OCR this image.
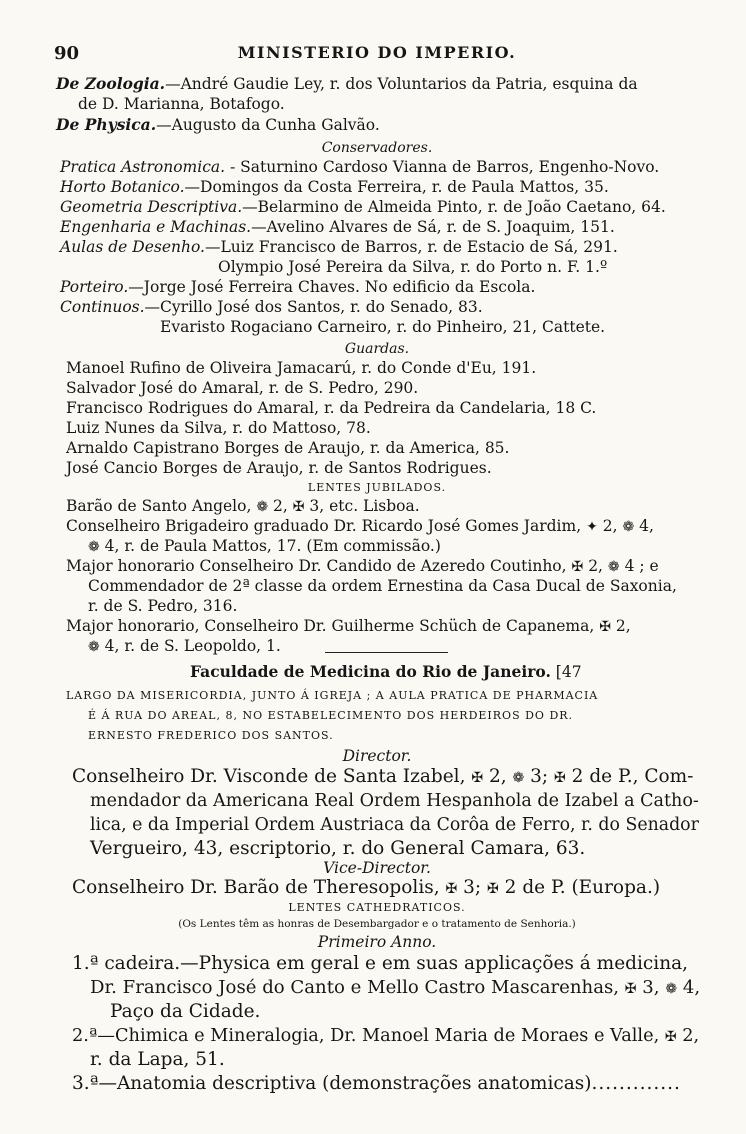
90	MINISTERIO DO IMPERIO.
De Zoologia.—André Gaudie Ley, r. dos Voluntarios da Patria, esquina da
de D. Marianna, Botafogo.
De Physica.—Augusto da Cunha Galvão.
Conservadores.
Pratica Astronomica. - Saturnino Cardoso Vianna de Barros, Engenho-Novo.
Horto Botanico.—Domingos da Costa Ferreira, r. de Paula Mattos, 35.
Geometria Descriptiva.—Belarmino de Almeida Pinto, r. de João Caetano, 64.
Engenharia e Machinas.—Avelino Alvares de Sá, r. de S. Joaquim, 151.
Aulas de Desenho.—Luiz Francisco de Barros, r. de Estacio de Sá, 291.
Olympio José Pereira da Silva, r. do Porto n. F. 1.º
Porteiro.—Jorge José Ferreira Chaves. No edificio da Escola.
Continuos.—Cyrillo José dos Santos, r. do Senado, 83.
Evaristo Rogaciano Carneiro, r. do Pinheiro, 21, Cattete.
Guardas.
Manoel Rufino de Oliveira Jamacarú, r. do Conde d'Eu, 191.
Salvador José do Amaral, r. de S. Pedro, 290.
Francisco Rodrigues do Amaral, r. da Pedreira da Candelaria, 18 C.
Luiz Nunes da Silva, r. do Mattoso, 78.
Arnaldo Capistrano Borges de Araujo, r. da America, 85.
José Cancio Borges de Araujo, r. de Santos Rodrigues.
LENTES JUBILADOS.
Barão de Santo Angelo, ❁ 2, ✠ 3, etc. Lisboa.
Conselheiro Brigadeiro graduado Dr. Ricardo José Gomes Jardim, ✦ 2, ❁ 4,
❁ 4, r. de Paula Mattos, 17. (Em commissão.)
Major honorario Conselheiro Dr. Candido de Azeredo Coutinho, ✠ 2, ❁ 4 ; e
Commendador de 2ª classe da ordem Ernestina da Casa Ducal de Saxonia,
r. de S. Pedro, 316.
Major honorario, Conselheiro Dr. Guilherme Schüch de Capanema, ✠ 2,
❁ 4, r. de S. Leopoldo, 1.
Faculdade de Medicina do Rio de Janeiro. [47
LARGO DA MISERICORDIA, JUNTO Á IGREJA ; A AULA PRATICA DE PHARMACIA
É Á RUA DO AREAL, 8, NO ESTABELECIMENTO DOS HERDEIROS DO DR.
ERNESTO FREDERICO DOS SANTOS.
Director.
Conselheiro Dr. Visconde de Santa Izabel, ✠ 2, ❁ 3; ✠ 2 de P., Com-
mendador da Americana Real Ordem Hespanhola de Izabel a Catho-
lica, e da Imperial Ordem Austriaca da Corôa de Ferro, r. do Senador
Vergueiro, 43, escriptorio, r. do General Camara, 63.
Vice-Director.
Conselheiro Dr. Barão de Theresopolis, ✠ 3; ✠ 2 de P. (Europa.)
LENTES CATHEDRATICOS.
(Os Lentes têm as honras de Desembargador e o tratamento de Senhoria.)
Primeiro Anno.
1.ª cadeira.—Physica em geral e em suas applicações á medicina,
Dr. Francisco José do Canto e Mello Castro Mascarenhas, ✠ 3, ❁ 4,
Paço da Cidade.
2.ª—Chimica e Mineralogia, Dr. Manoel Maria de Moraes e Valle, ✠ 2,
r. da Lapa, 51.
3.ª—Anatomia descriptiva (demonstrações anatomicas).............
